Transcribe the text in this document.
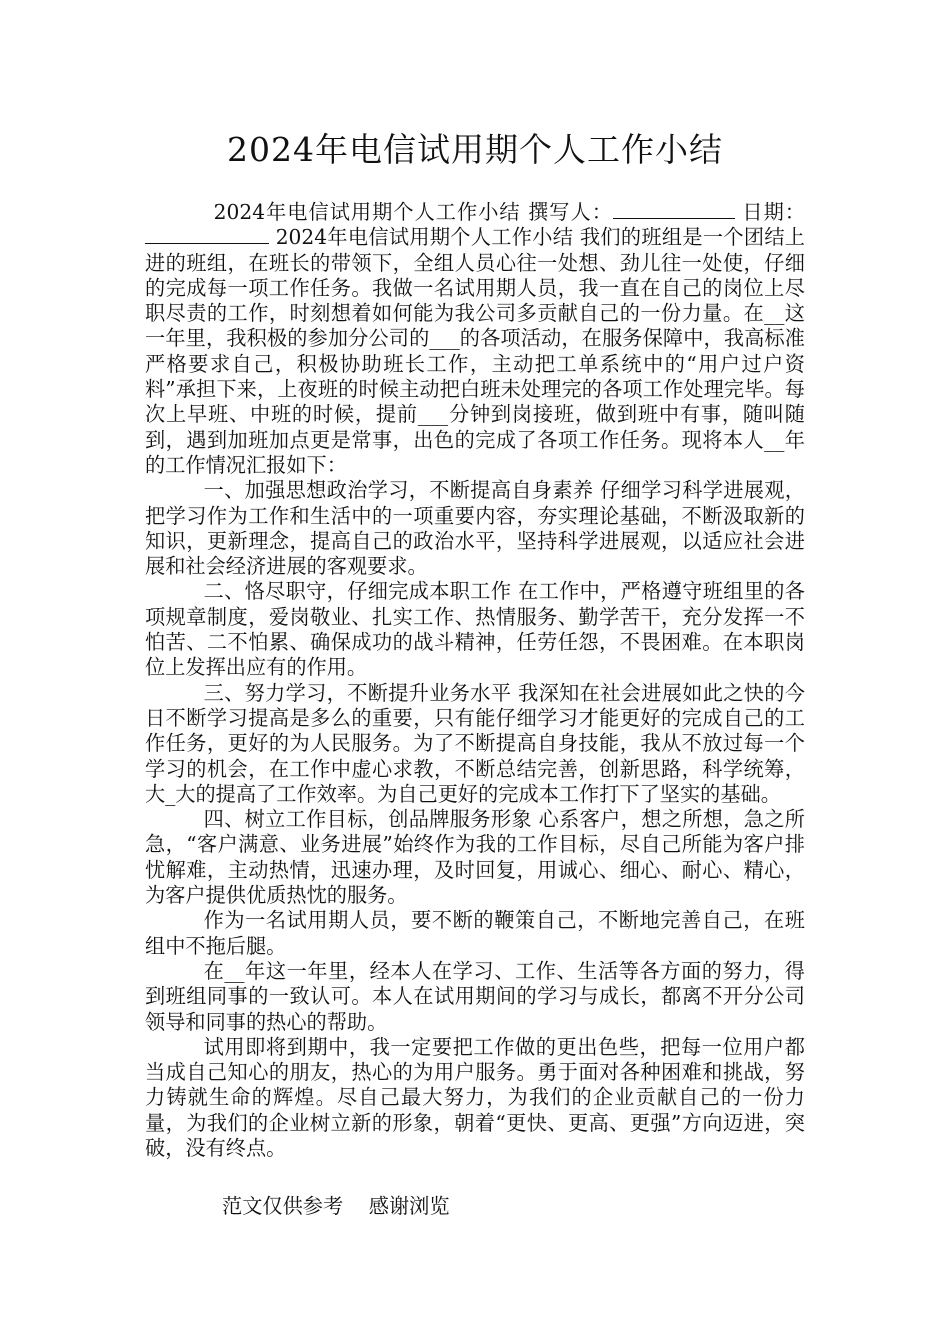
2024年电信试用期个人工作小结

2024年电信试用期个人工作小结 撰写人：	日期： 2024年电信试用期个人工作小结 我们的班组是一个团结上进的班组，在班长的带领下，全组人员心往一处想、劲儿往一处使，仔细的完成每一项工作任务。我做一名试用期人员，我一直在自己的岗位上尽职尽责的工作，时刻想着如何能为我公司多贡献自己的一份力量。在__这一年里，我积极的参加分公司的___的各项活动，在服务保障中，我高标准严格要求自己，积极协助班长工作，主动把工单系统中的“用户过户资料”承担下来，上夜班的时候主动把白班未处理完的各项工作处理完毕。每次上早班、中班的时候，提前___分钟到岗接班，做到班中有事，随叫随到，遇到加班加点更是常事，出色的完成了各项工作任务。现将本人__年的工作情况汇报如下：

一、加强思想政治学习，不断提高自身素养 仔细学习科学进展观，把学习作为工作和生活中的一项重要内容，夯实理论基础，不断汲取新的知识，更新理念，提高自己的政治水平，坚持科学进展观，以适应社会进展和社会经济进展的客观要求。

二、恪尽职守，仔细完成本职工作 在工作中，严格遵守班组里的各项规章制度，爱岗敬业、扎实工作、热情服务、勤学苦干，充分发挥一不怕苦、二不怕累、确保成功的战斗精神，任劳任怨，不畏困难。在本职岗位上发挥出应有的作用。

三、努力学习，不断提升业务水平 我深知在社会进展如此之快的今日不断学习提高是多么的重要，只有能仔细学习才能更好的完成自己的工作任务，更好的为人民服务。为了不断提高自身技能，我从不放过每一个学习的机会，在工作中虚心求教，不断总结完善，创新思路，科学统筹，大_大的提高了工作效率。为自己更好的完成本工作打下了坚实的基础。

四、树立工作目标，创品牌服务形象 心系客户，想之所想，急之所急，“客户满意、业务进展”始终作为我的工作目标，尽自己所能为客户排忧解难，主动热情，迅速办理，及时回复，用诚心、细心、耐心、精心，为客户提供优质热忱的服务。

作为一名试用期人员，要不断的鞭策自己，不断地完善自己，在班组中不拖后腿。

在__年这一年里，经本人在学习、工作、生活等各方面的努力，得到班组同事的一致认可。本人在试用期间的学习与成长，都离不开分公司领导和同事的热心的帮助。

试用即将到期中，我一定要把工作做的更出色些，把每一位用户都当成自己知心的朋友，热心的为用户服务。勇于面对各种困难和挑战，努力铸就生命的辉煌。尽自己最大努力，为我们的企业贡献自己的一份力量，为我们的企业树立新的形象，朝着“更快、更高、更强”方向迈进，突破，没有终点。

范文仅供参考    感谢浏览
